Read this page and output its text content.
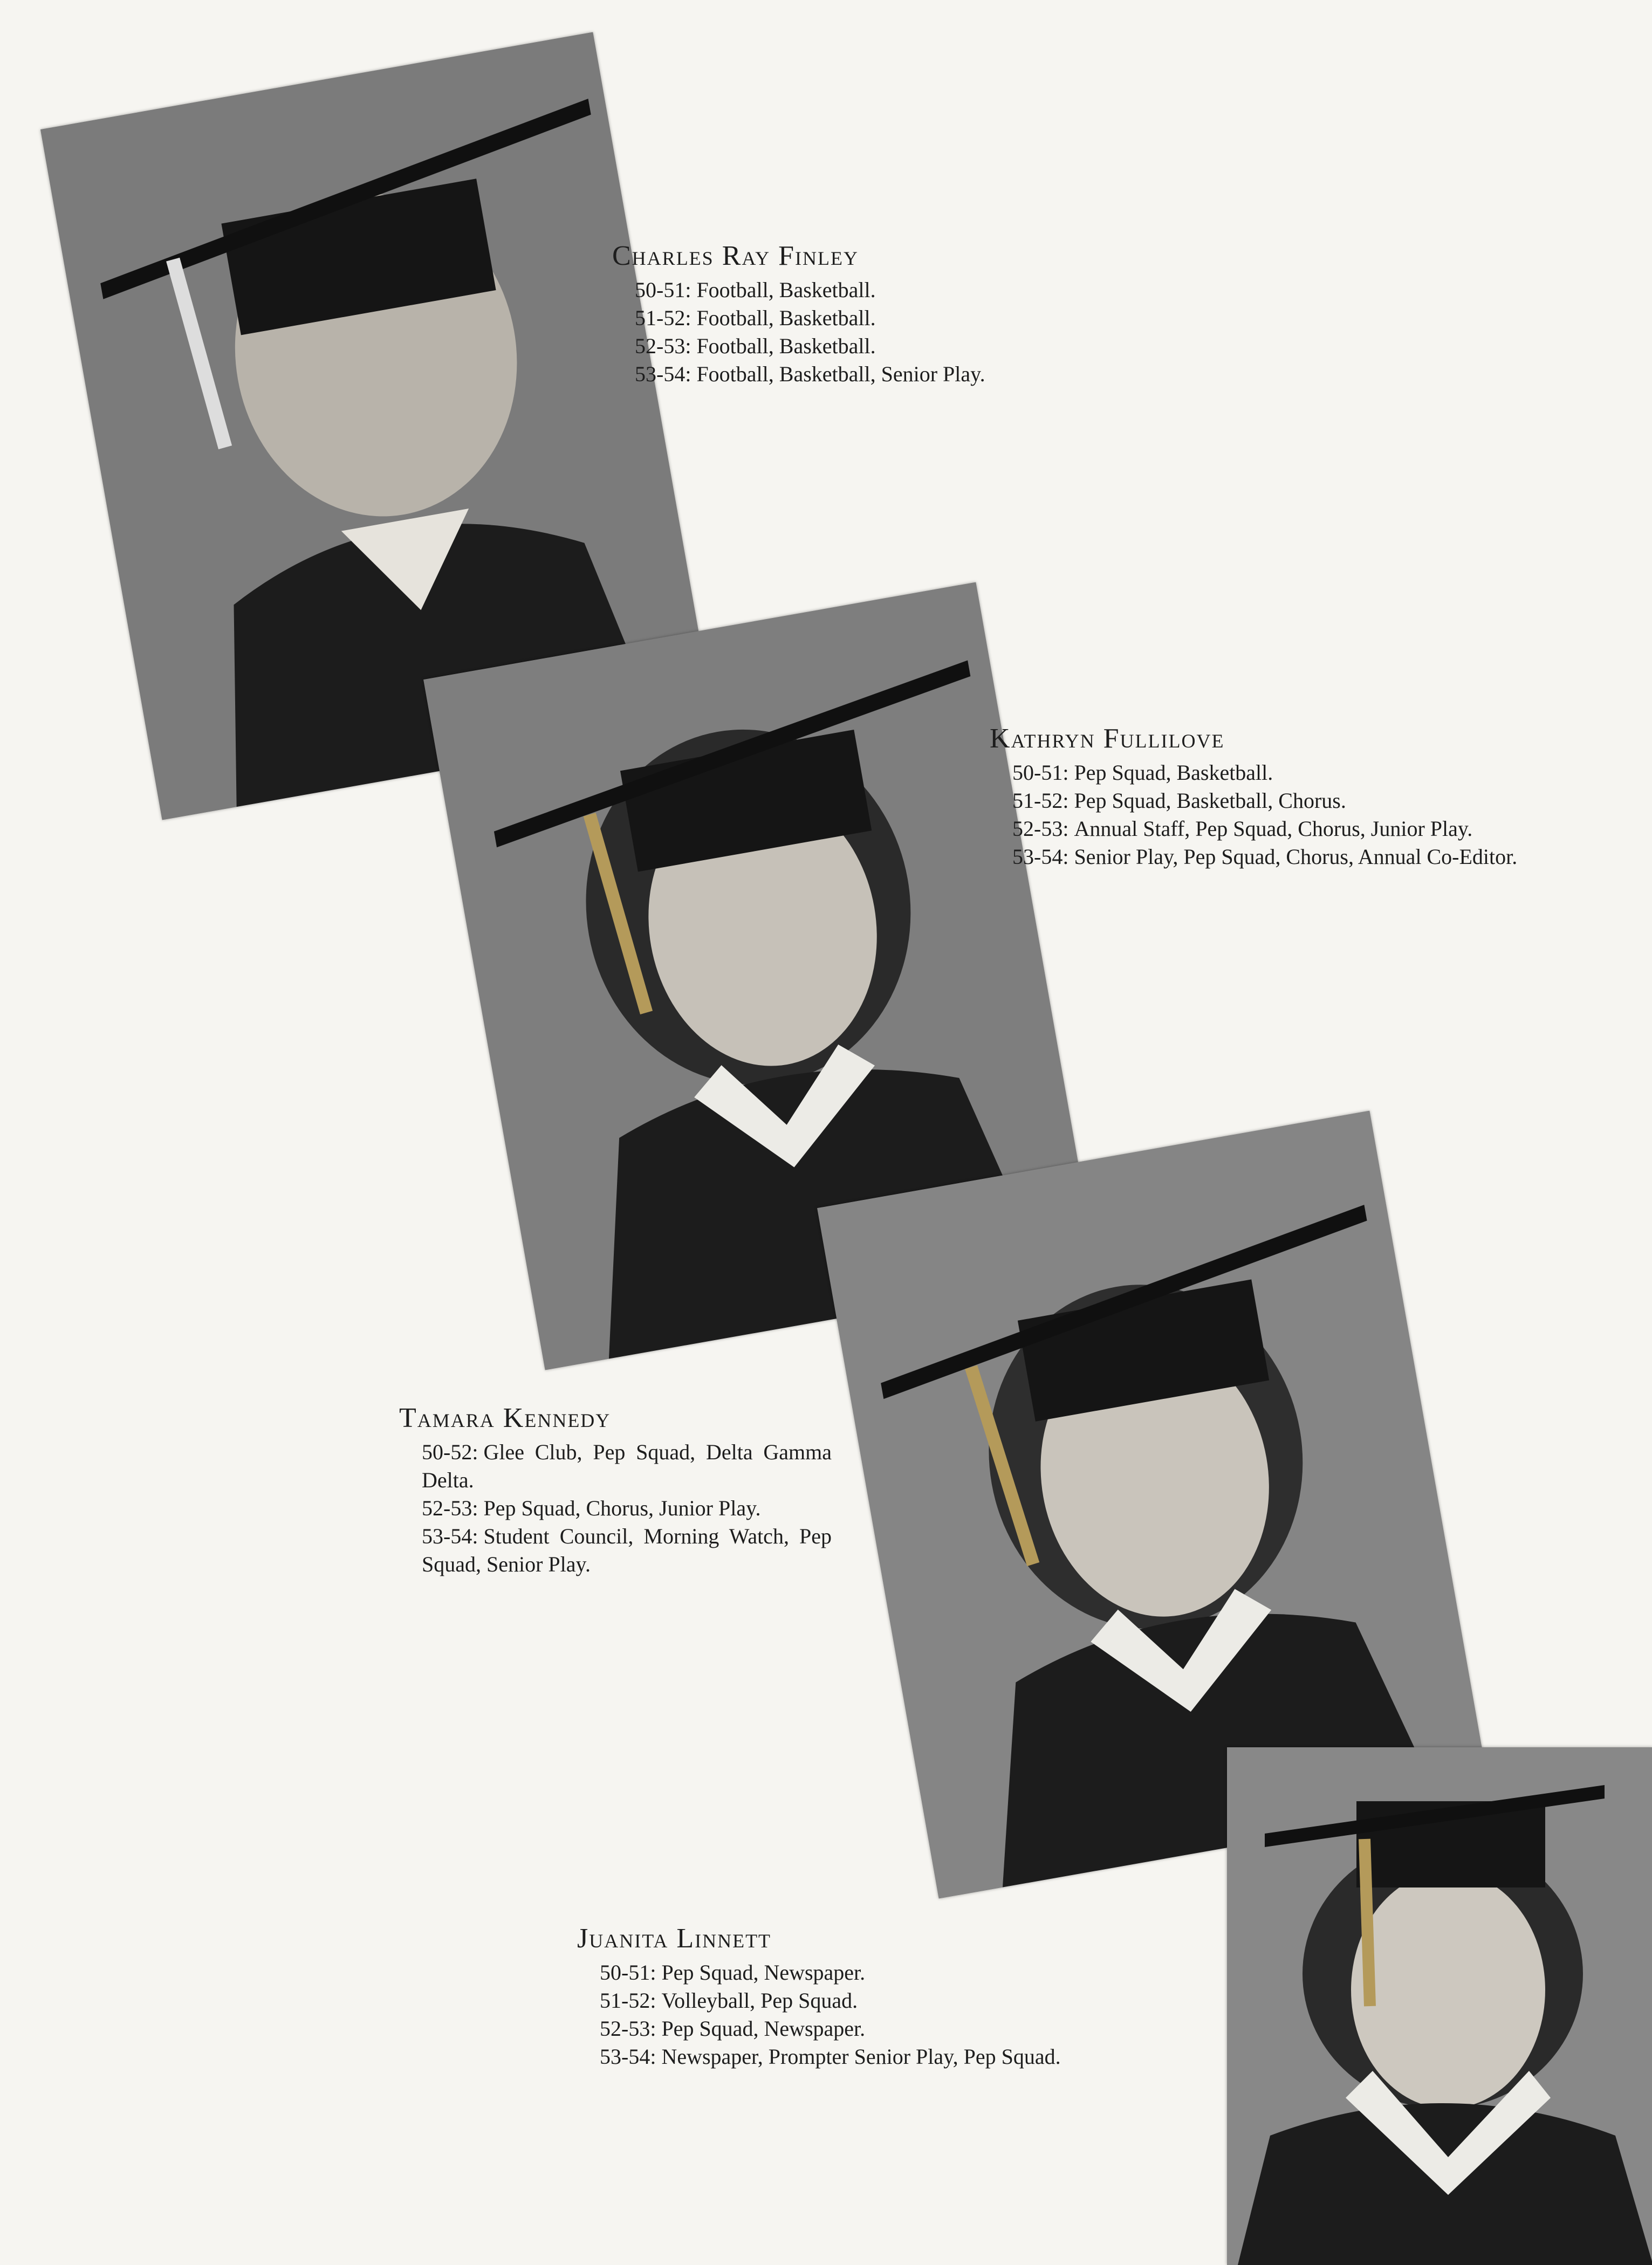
Charles Ray Finley
50-51: Football, Basketball.
51-52: Football, Basketball.
52-53: Football, Basketball.
53-54: Football, Basketball, Senior Play.
Kathryn Fullilove
50-51: Pep Squad, Basketball.
51-52: Pep Squad, Basketball, Chorus.
52-53: Annual Staff, Pep Squad, Chorus, Junior Play.
53-54: Senior Play, Pep Squad, Chorus, Annual Co-Editor.
Tamara Kennedy
50-52: Glee Club, Pep Squad, Delta Gamma Delta.
52-53: Pep Squad, Chorus, Junior Play.
53-54: Student Council, Morning Watch, Pep Squad, Senior Play.
Juanita Linnett
50-51: Pep Squad, Newspaper.
51-52: Volleyball, Pep Squad.
52-53: Pep Squad, Newspaper.
53-54: Newspaper, Prompter Senior Play, Pep Squad.
